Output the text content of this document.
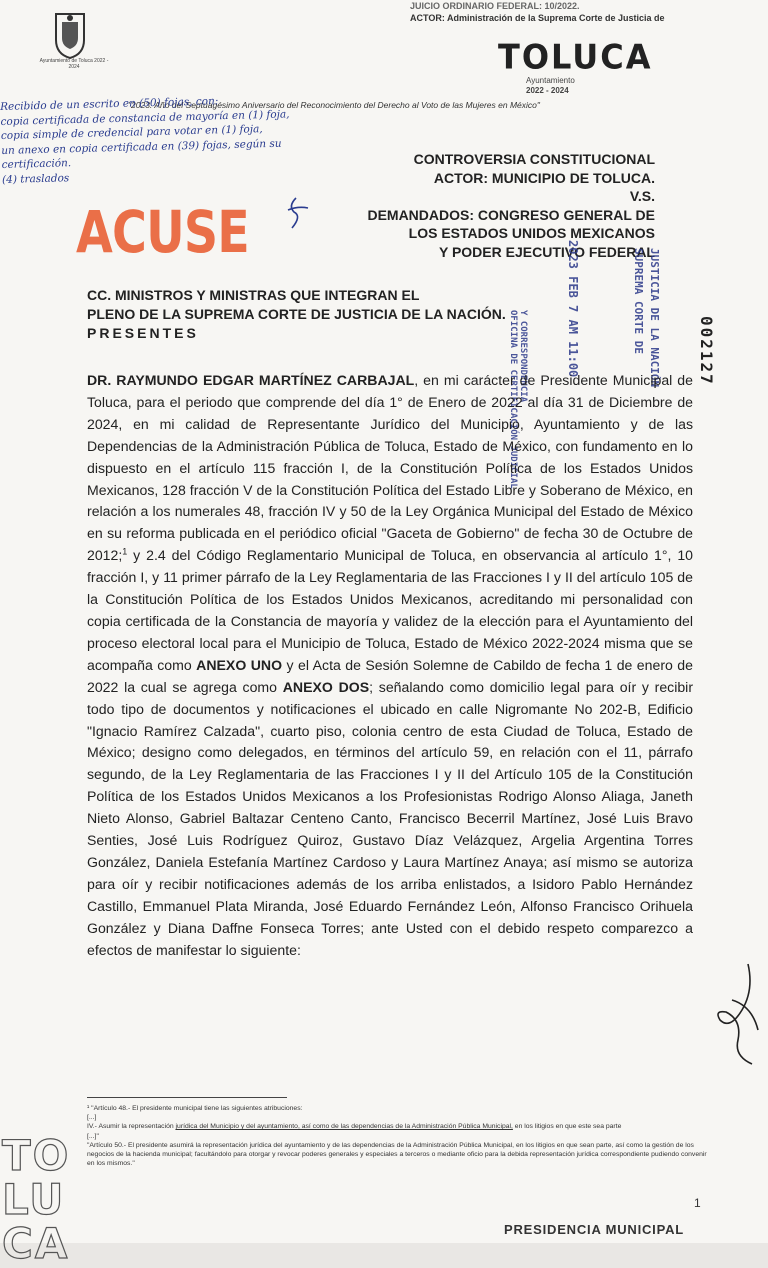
JUICIO ORDINARIO FEDERAL: 10/2022.
ACTOR: Administración de la Suprema Corte de Justicia de
Ayuntamiento de Toluca 2022 - 2024	TOLUCA
Ayuntamiento
2022 - 2024
"2023. Año del Septuagésimo Aniversario del Reconocimiento del Derecho al Voto de las Mujeres en México"
Recibido de un escrito en (50) fojas, con:
copia certificada de constancia de mayoría en (1) foja,
copia simple de credencial para votar en (1) foja,
un anexo en copia certificada en (39) fojas, según su
certificación.
(4) traslados
CONTROVERSIA CONSTITUCIONAL
ACTOR: MUNICIPIO DE TOLUCA.
V.S.
DEMANDADOS: CONGRESO GENERAL DE
LOS ESTADOS UNIDOS MEXICANOS
Y PODER EJECUTIVO FEDERAL
ACUSE
2023 FEB 7 AM 11:00
OFICINA DE CERTIFICACIÓN JUDICIAL Y CORRESPONDENCIA
SUPREMA CORTE DE JUSTICIA DE LA NACIÓN 002127
CC. MINISTROS Y MINISTRAS QUE INTEGRAN EL
PLENO DE LA SUPREMA CORTE DE JUSTICIA DE LA NACIÓN.
PRESENTES
DR. RAYMUNDO EDGAR MARTÍNEZ CARBAJAL, en mi carácter de Presidente Municipal de Toluca, para el periodo que comprende del día 1° de Enero de 2022 al día 31 de Diciembre de 2024, en mi calidad de Representante Jurídico del Municipio, Ayuntamiento y de las Dependencias de la Administración Pública de Toluca, Estado de México, con fundamento en lo dispuesto en el artículo 115 fracción I, de la Constitución Política de los Estados Unidos Mexicanos, 128 fracción V de la Constitución Política del Estado Libre y Soberano de México, en relación a los numerales 48, fracción IV y 50 de la Ley Orgánica Municipal del Estado de México en su reforma publicada en el periódico oficial "Gaceta de Gobierno" de fecha 30 de Octubre de 2012;$^1$ y 2.4 del Código Reglamentario Municipal de Toluca, en observancia al artículo 1°, 10 fracción I, y 11 primer párrafo de la Ley Reglamentaria de las Fracciones I y II del artículo 105 de la Constitución Política de los Estados Unidos Mexicanos, acreditando mi personalidad con copia certificada de la Constancia de mayoría y validez de la elección para el Ayuntamiento del proceso electoral local para el Municipio de Toluca, Estado de México 2022-2024 misma que se acompaña como ANEXO UNO y el Acta de Sesión Solemne de Cabildo de fecha 1 de enero de 2022 la cual se agrega como ANEXO DOS; señalando como domicilio legal para oír y recibir todo tipo de documentos y notificaciones el ubicado en calle Nigromante No 202-B, Edificio "Ignacio Ramírez Calzada", cuarto piso, colonia centro de esta Ciudad de Toluca, Estado de México; designo como delegados, en términos del artículo 59, en relación con el 11, párrafo segundo, de la Ley Reglamentaria de las Fracciones I y II del Artículo 105 de la Constitución Política de los Estados Unidos Mexicanos a los Profesionistas Rodrigo Alonso Aliaga, Janeth Nieto Alonso, Gabriel Baltazar Centeno Canto, Francisco Becerril Martínez, José Luis Bravo Senties, José Luis Rodríguez Quiroz, Gustavo Díaz Velázquez, Argelia Argentina Torres González, Daniela Estefanía Martínez Cardoso y Laura Martínez Anaya; así mismo se autoriza para oír y recibir notificaciones además de los arriba enlistados, a Isidoro Pablo Hernández Castillo, Emmanuel Plata Miranda, José Eduardo Fernández León, Alfonso Francisco Orihuela González y Diana Daffne Fonseca Torres; ante Usted con el debido respeto comparezco a efectos de manifestar lo siguiente:
¹ "Artículo 48.- El presidente municipal tiene las siguientes atribuciones:
[...]
IV.- Asumir la representación jurídica del Municipio y del ayuntamiento, así como de las dependencias de la Administración Pública Municipal, en los litigios en que este sea parte
[...]"
"Artículo 50.- El presidente asumirá la representación jurídica del ayuntamiento y de las dependencias de la Administración Pública Municipal, en los litigios en que sean parte, así como la gestión de los negocios de la hacienda municipal; facultándolo para otorgar y revocar poderes generales y especiales a terceros o mediante oficio para la debida representación jurídica correspondiente pudiendo convenir en los mismos."
1
PRESIDENCIA MUNICIPAL
TO
LU
CA
